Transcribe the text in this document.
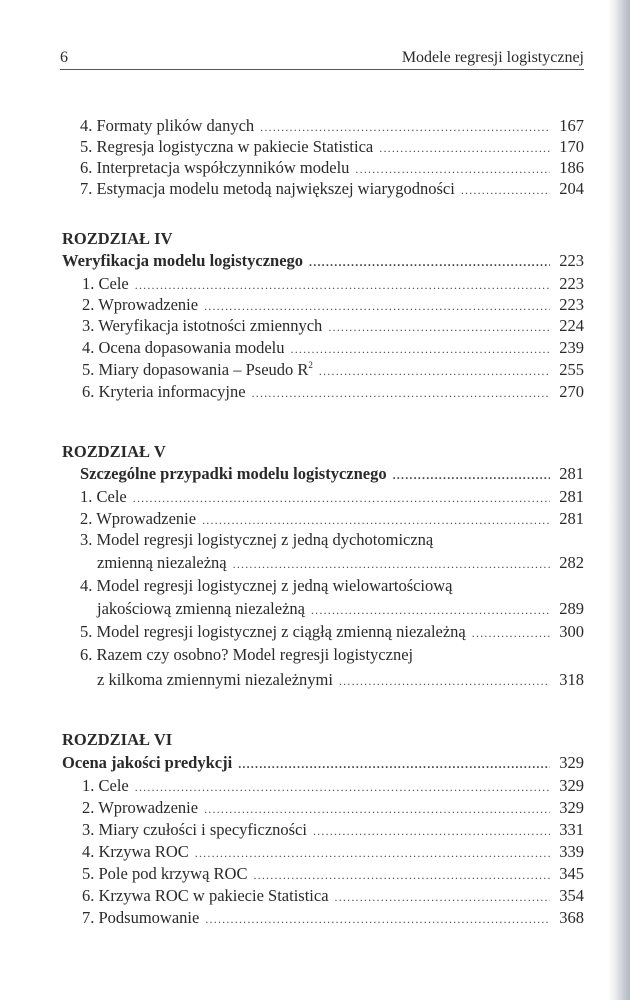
6	Modele regresji logistycznej
4. Formaty plików danych .....	167
5. Regresja logistyczna w pakiecie Statistica .....	170
6. Interpretacja współczynników modelu .....	186
7. Estymacja modelu metodą największej wiarygodności .....	204
ROZDZIAŁ IV
Weryfikacja modelu logistycznego .....	223
1. Cele .....	223
2. Wprowadzenie .....	223
3. Weryfikacja istotności zmiennych .....	224
4. Ocena dopasowania modelu .....	239
5. Miary dopasowania – Pseudo $R^2$ .....	255
6. Kryteria informacyjne .....	270
ROZDZIAŁ V
Szczególne przypadki modelu logistycznego .....	281
1. Cele .....	281
2. Wprowadzenie .....	281
3. Model regresji logistycznej z jedną dychotomiczną
zmienną niezależną .....	282
4. Model regresji logistycznej z jedną wielowartościową
jakościową zmienną niezależną .....	289
5. Model regresji logistycznej z ciągłą zmienną niezależną .....	300
6. Razem czy osobno? Model regresji logistycznej
z kilkoma zmiennymi niezależnymi .....	318
ROZDZIAŁ VI
Ocena jakości predykcji .....	329
1. Cele .....	329
2. Wprowadzenie .....	329
3. Miary czułości i specyficzności .....	331
4. Krzywa ROC .....	339
5. Pole pod krzywą ROC .....	345
6. Krzywa ROC w pakiecie Statistica .....	354
7. Podsumowanie .....	368
